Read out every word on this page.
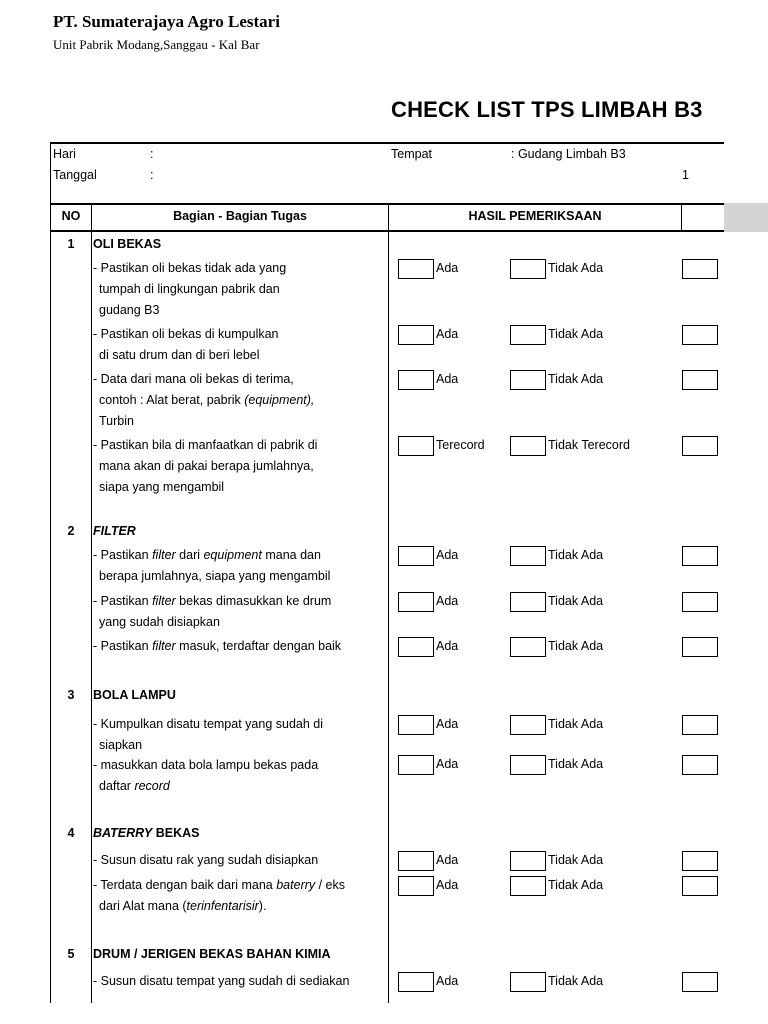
PT. Sumaterajaya Agro Lestari
Unit Pabrik Modang,Sanggau - Kal Bar
CHECK LIST TPS LIMBAH B3
Hari	:
Tanggal	:
Tempat	: Gudang Limbah B3
1
NO	Bagian - Bagian Tugas	HASIL PEMERIKSAAN
1	OLI BEKAS
- Pastikan oli bekas tidak ada yang
tumpah di lingkungan pabrik dan
gudang B3
Ada	Tidak Ada
- Pastikan oli bekas di kumpulkan
di satu drum dan di beri lebel
Ada	Tidak Ada
- Data dari mana oli bekas di terima,
contoh : Alat berat, pabrik (equipment),
Turbin
Ada	Tidak Ada
- Pastikan bila di manfaatkan di pabrik di
mana akan di pakai berapa jumlahnya,
siapa yang mengambil
Terecord	Tidak Terecord
2	FILTER
- Pastikan filter dari equipment mana dan
berapa jumlahnya, siapa yang mengambil
Ada	Tidak Ada
- Pastikan filter bekas dimasukkan ke drum
yang sudah disiapkan
Ada	Tidak Ada
- Pastikan filter masuk, terdaftar dengan baik	Ada	Tidak Ada
3	BOLA LAMPU
- Kumpulkan disatu tempat yang sudah di
siapkan
Ada	Tidak Ada
- masukkan data bola lampu bekas pada
daftar record
Ada	Tidak Ada
4	BATERRY BEKAS
- Susun disatu rak yang sudah disiapkan	Ada	Tidak Ada
- Terdata dengan baik dari mana baterry / eks
dari Alat mana (terinfentarisir).
Ada	Tidak Ada
5	DRUM / JERIGEN BEKAS BAHAN KIMIA
- Susun disatu tempat yang sudah di sediakan	Ada	Tidak Ada
